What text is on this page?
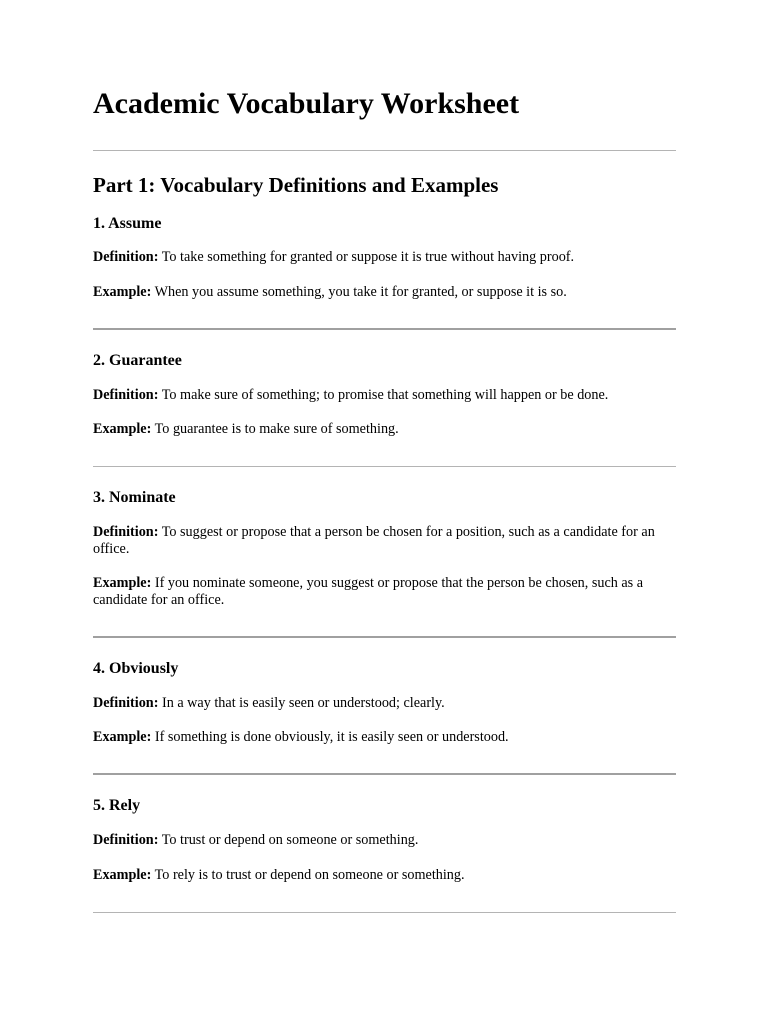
Academic Vocabulary Worksheet
Part 1: Vocabulary Definitions and Examples
1. Assume

Definition: To take something for granted or suppose it is true without having proof.

Example: When you assume something, you take it for granted, or suppose it is so.

2. Guarantee

Definition: To make sure of something; to promise that something will happen or be done.

Example: To guarantee is to make sure of something.

3. Nominate

Definition: To suggest or propose that a person be chosen for a position, such as a candidate for an office.

Example: If you nominate someone, you suggest or propose that the person be chosen, such as a candidate for an office.

4. Obviously

Definition: In a way that is easily seen or understood; clearly.

Example: If something is done obviously, it is easily seen or understood.

5. Rely

Definition: To trust or depend on someone or something.

Example: To rely is to trust or depend on someone or something.
